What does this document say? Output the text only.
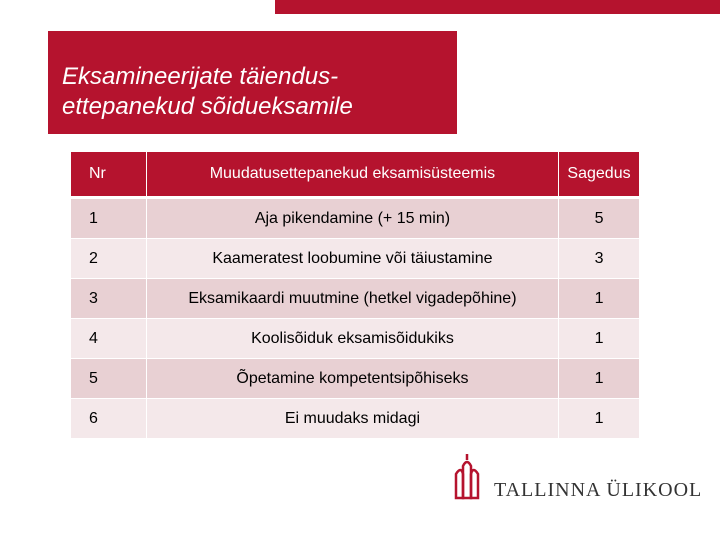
Eksamineerijate täiendus-
ettepanekud sõidueksamile
Nr	Muudatusettepanekud eksamisüsteemis	Sagedus
1	Aja pikendamine (+ 15 min)	5
2	Kaameratest loobumine või täiustamine	3
3	Eksamikaardi muutmine (hetkel vigadepõhine)	1
4	Koolisõiduk eksamisõidukiks	1
5	Õpetamine kompetentsipõhiseks	1
6	Ei muudaks midagi	1
TALLINNA ÜLIKOOL
